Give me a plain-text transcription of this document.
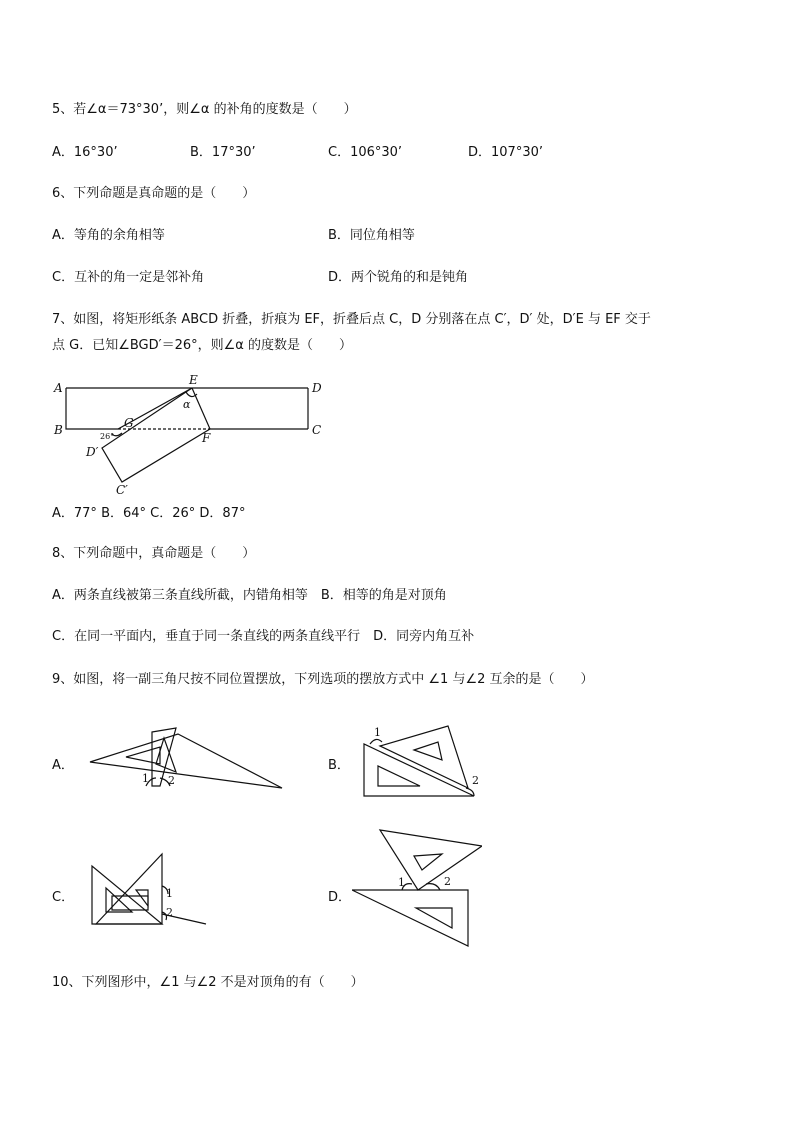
5、若∠α＝73°30’，则∠α 的补角的度数是（　　）
A．16°30’	B．17°30’	C．106°30’	D．107°30’
6、下列命题是真命题的是（　　）
A．等角的余角相等	B．同位角相等
C．互补的角一定是邻补角	D．两个锐角的和是钝角
7、如图，将矩形纸条 ABCD 折叠，折痕为 EF，折叠后点 C，D 分别落在点 C′，D′ 处，D′E 与 EF 交于
点 G．已知∠BGD′＝26°，则∠α 的度数是（　　）
A
B	C
D
E
F
G
D′
C′
α
26°
A．77° B．64° C．26° D．87°
8、下列命题中，真命题是（　　）
A．两条直线被第三条直线所截，内错角相等　B．相等的角是对顶角
C．在同一平面内，垂直于同一条直线的两条直线平行　D．同旁内角互补
9、如图，将一副三角尺按不同位置摆放，下列选项的摆放方式中 ∠1 与∠2 互余的是（　　）
A．
1 2
B．
1
2
C．	1
2
D．
1	2
10、下列图形中，∠1 与∠2 不是对顶角的有（　　）
